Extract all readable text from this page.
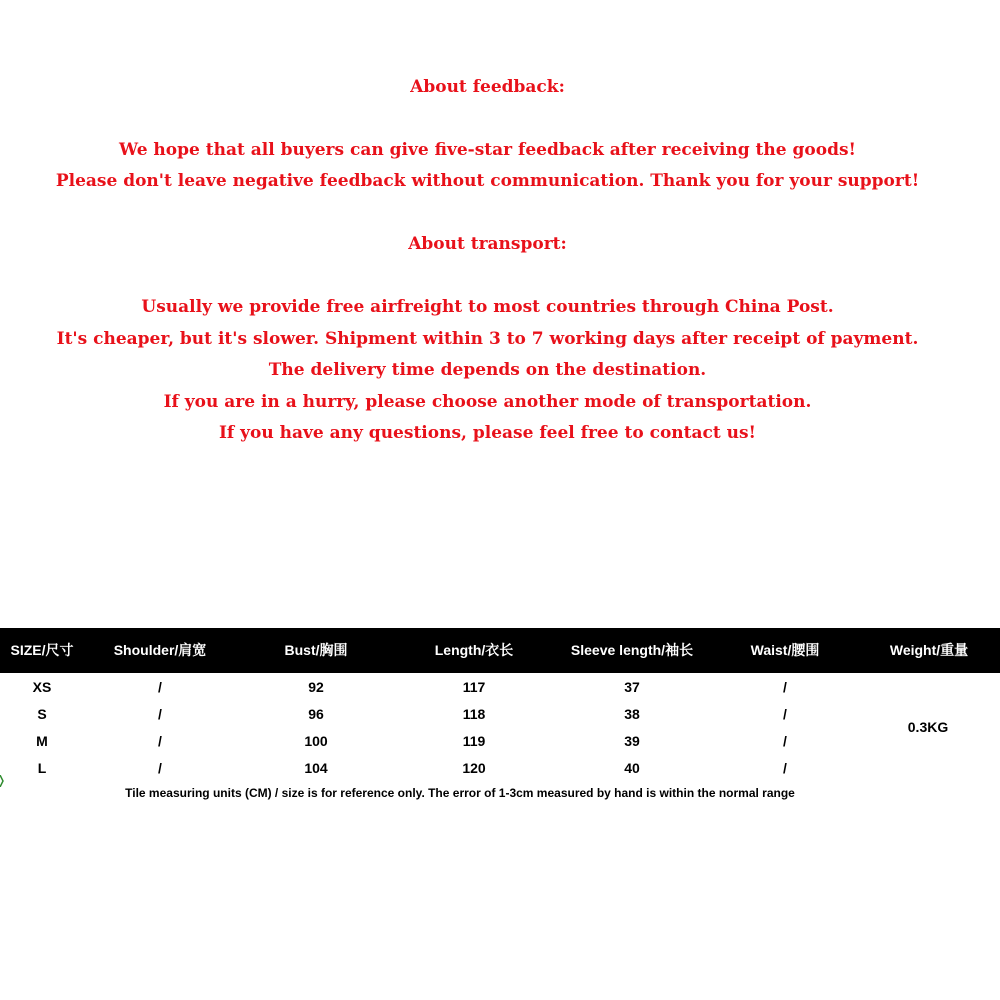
About feedback:
We hope that all buyers can give five-star feedback after receiving the goods!
Please don't leave negative feedback without communication. Thank you for your support!
About transport:
Usually we provide free airfreight to most countries through China Post.
It's cheaper, but it's slower. Shipment within 3 to 7 working days after receipt of payment.
The delivery time depends on the destination.
If you are in a hurry, please choose another mode of transportation.
If you have any questions, please feel free to contact us!
SIZE/尺寸	Shoulder/肩宽	Bust/胸围	Length/衣长	Sleeve length/袖长	Waist/腰围	Weight/重量
XS	/	92	117	37	/
S	/	96	118	38	/
M	/	100	119	39	/
L	/	104	120	40	/
0.3KG
Tile measuring units (CM) / size is for reference only. The error of 1-3cm measured by hand is within the normal range
